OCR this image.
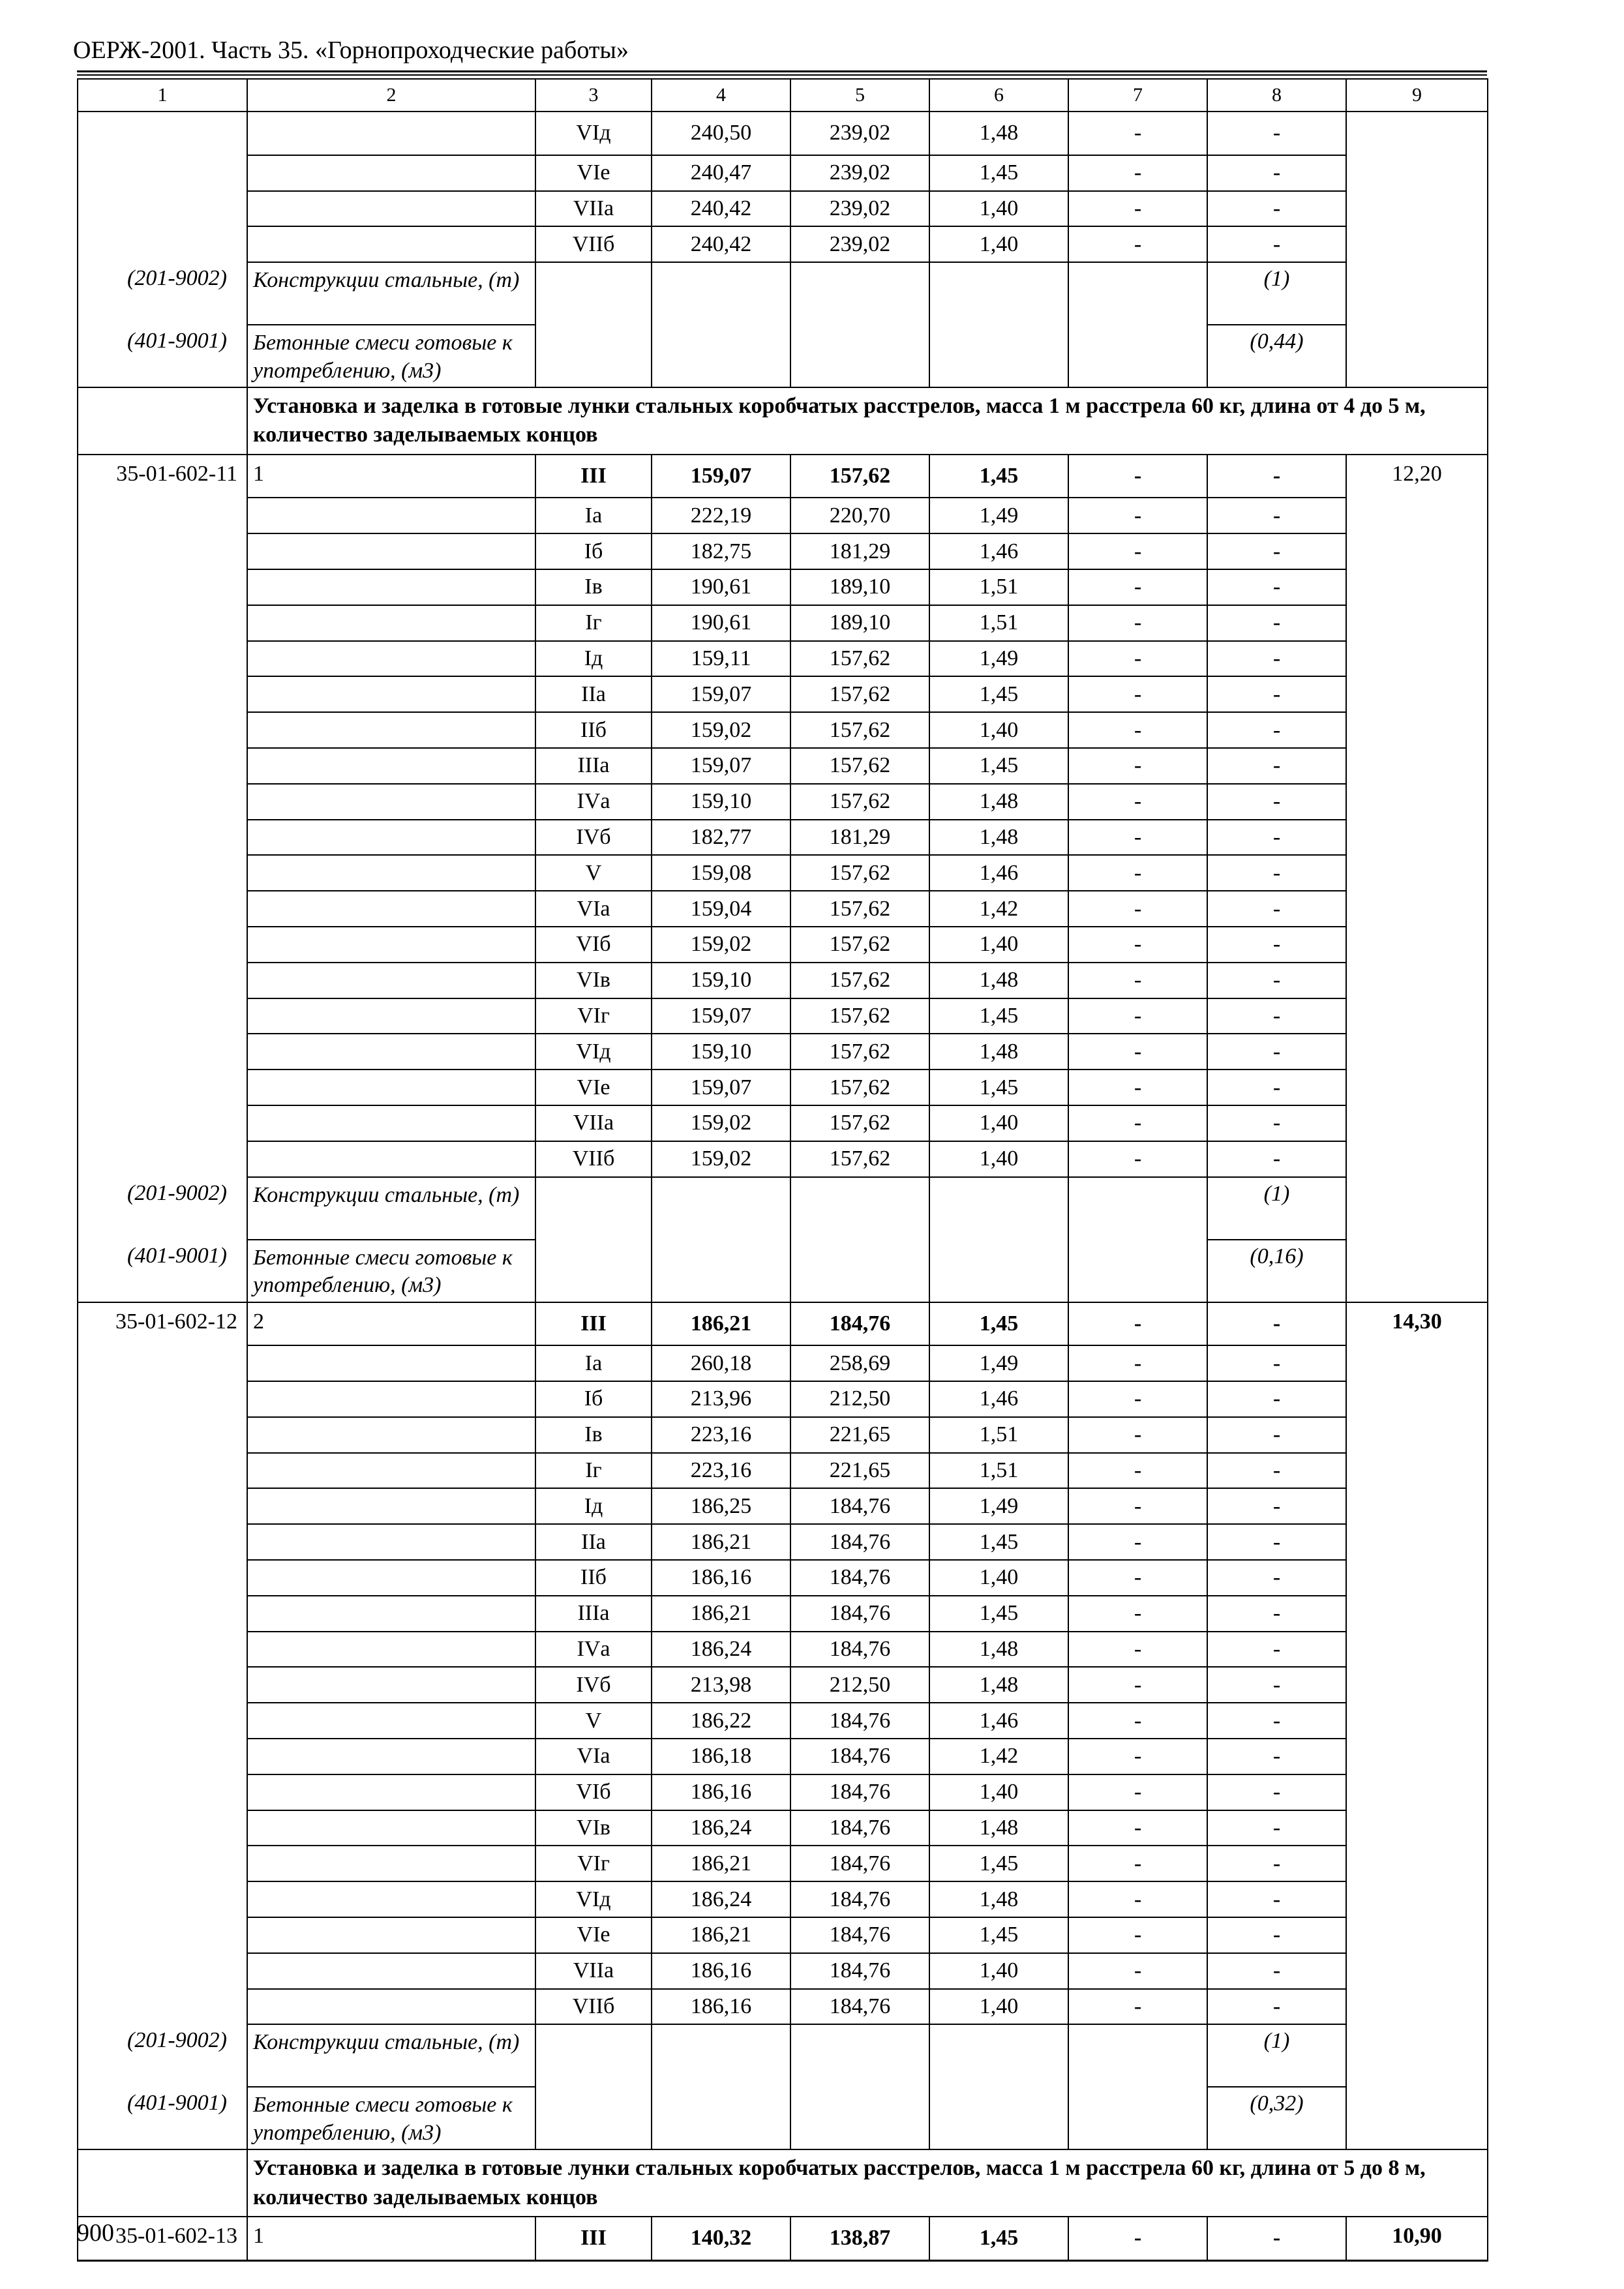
ОЕРЖ-2001. Часть 35. «Горнопроходческие работы»
1	2	3	4	5	6	7	8	9
		VIд	240,50	239,02	1,48	-	-	
		VIе	240,47	239,02	1,45	-	-	
		VIIа	240,42	239,02	1,40	-	-	
		VIIб	240,42	239,02	1,40	-	-	
(201-9002)	Конструкции стальные, (т)						(1)	
(401-9001)	Бетонные смеси готовые к употреблению, (м3)						(0,44)	
	Установка и заделка в готовые лунки стальных коробчатых расстрелов, масса 1 м расстрела 60 кг, длина от 4 до 5 м, количество заделываемых концов							
35-01-602-11	1	III	159,07	157,62	1,45	-	-	12,20
		Iа	222,19	220,70	1,49	-	-	
		Iб	182,75	181,29	1,46	-	-	
		Iв	190,61	189,10	1,51	-	-	
		Iг	190,61	189,10	1,51	-	-	
		Iд	159,11	157,62	1,49	-	-	
		IIа	159,07	157,62	1,45	-	-	
		IIб	159,02	157,62	1,40	-	-	
		IIIа	159,07	157,62	1,45	-	-	
		IVа	159,10	157,62	1,48	-	-	
		IVб	182,77	181,29	1,48	-	-	
		V	159,08	157,62	1,46	-	-	
		VIа	159,04	157,62	1,42	-	-	
		VIб	159,02	157,62	1,40	-	-	
		VIв	159,10	157,62	1,48	-	-	
		VIг	159,07	157,62	1,45	-	-	
		VIд	159,10	157,62	1,48	-	-	
		VIе	159,07	157,62	1,45	-	-	
		VIIа	159,02	157,62	1,40	-	-	
		VIIб	159,02	157,62	1,40	-	-	
(201-9002)	Конструкции стальные, (т)						(1)	
(401-9001)	Бетонные смеси готовые к употреблению, (м3)						(0,16)	
35-01-602-12	2	III	186,21	184,76	1,45	-	-	14,30
		Iа	260,18	258,69	1,49	-	-	
		Iб	213,96	212,50	1,46	-	-	
		Iв	223,16	221,65	1,51	-	-	
		Iг	223,16	221,65	1,51	-	-	
		Iд	186,25	184,76	1,49	-	-	
		IIа	186,21	184,76	1,45	-	-	
		IIб	186,16	184,76	1,40	-	-	
		IIIа	186,21	184,76	1,45	-	-	
		IVа	186,24	184,76	1,48	-	-	
		IVб	213,98	212,50	1,48	-	-	
		V	186,22	184,76	1,46	-	-	
		VIа	186,18	184,76	1,42	-	-	
		VIб	186,16	184,76	1,40	-	-	
		VIв	186,24	184,76	1,48	-	-	
		VIг	186,21	184,76	1,45	-	-	
		VIд	186,24	184,76	1,48	-	-	
		VIе	186,21	184,76	1,45	-	-	
		VIIа	186,16	184,76	1,40	-	-	
		VIIб	186,16	184,76	1,40	-	-	
(201-9002)	Конструкции стальные, (т)						(1)	
(401-9001)	Бетонные смеси готовые к употреблению, (м3)						(0,32)	
	Установка и заделка в готовые лунки стальных коробчатых расстрелов, масса 1 м расстрела 60 кг, длина от 5 до 8 м, количество заделываемых концов							
35-01-602-13	1	III	140,32	138,87	1,45	-	-	10,90
900
